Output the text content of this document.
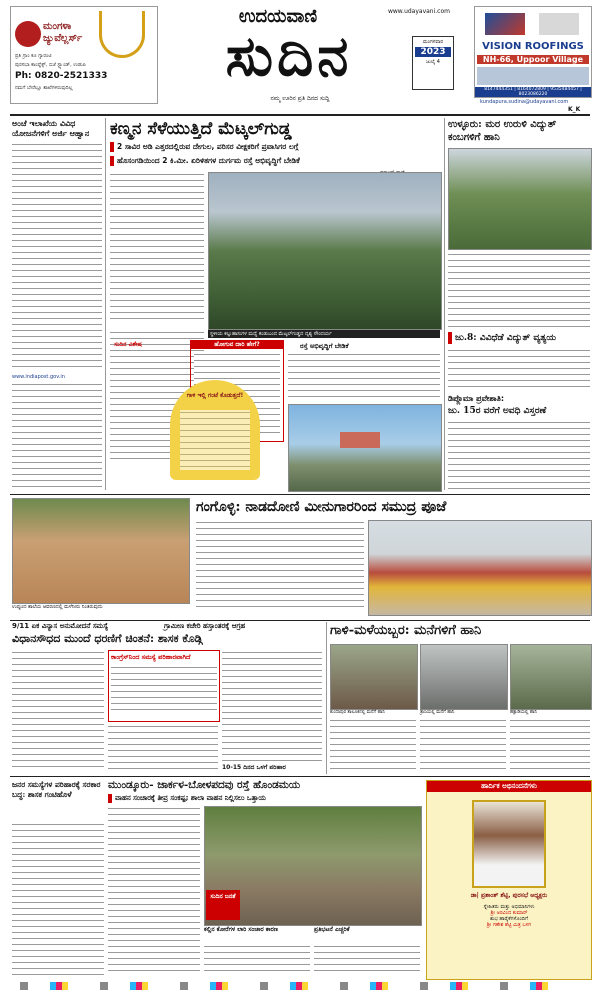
ಮಂಗಳಾ ಜ್ಯುವೆಲ್ಲರ್ಸ್
ಪ್ರತಿ ಗ್ರಾಂ ಕೂ ಗ್ಯಾರಂಟಿ
ಪುರಸಭಾ ಕಾಂಪ್ಲೆಕ್ಸ್, ಬಿಜೆ ಸ್ಟ್ಯಾಂಡ್, ಉಡುಪಿ
Ph: 0820-2521333
ನಮಗೆ ಬೇರೆಲ್ಲೂ ಶಾಖೆಗಳಿರುವುದಿಲ್ಲ
ಉದಯವಾಣಿ	www.udayavani.com
ಸುದಿನ
ನಮ್ಮ ಊರಿನ ಪ್ರತಿ ದಿನದ ಸುದ್ದಿ
ಮಂಗಳವಾರ
2023
ಜುಲೈ 4
VISION ROOFINGS
NH-66, Uppoor Village
8147444351 | 8164072809 | 9535484457 | 8023086220
kundapura.sudina@udayavani.com
K_K
ಅಂಚೆ ಇಲಾಖೆಯ ವಿವಿಧ ಯೋಜನೆಗಳಿಗೆ ಅರ್ಜಿ ಆಹ್ವಾನ
www.indiapost.gov.in
ಕಣ್ಮನ ಸೆಳೆಯುತ್ತಿದೆ ಮೆಟ್ಕಲ್‌ಗುಡ್ಡ
2 ಸಾವಿರ ಅಡಿ ಎತ್ತರದಲ್ಲಿರುವ ದೇಗುಲ, ಪರಿಸರ ವೀಕ್ಷಕರಿಗೆ ಪ್ರವಾಸಿಗರ ಲಗ್ಗೆ
ಹೊಸಂಗಡಿಯಿಂದ 2 ಕಿ.ಮೀ. ಏರಿಳಿತಗಳ ದುರ್ಗಮ ರಸ್ತೆ ಅಭಿವೃದ್ಧಿಗೆ ಬೇಡಿಕೆ
ಸ್ಥಳೀಯ ಕಲ್ಲುಹಾಸುಗಳ ಮಧ್ಯೆ ಕಂಡುಬಂದ ಮೆಟ್ಕಲ್‌ಗುಡ್ಡದ ದೃಶ್ಯ ಸೌಂದರ್ಯ
ಹೋಗುವ ದಾರಿ ಹೇಗೆ?
ಸುದಿನ ವಿಶೇಷ
ಗಾಳಿ ಇಲ್ಲಿ ಗಂಟೆ ಕೊಡುತ್ತದೆ!
ರಸ್ತೆ ಅಭಿವೃದ್ಧಿಗೆ ಬೇಡಿಕೆ
ಉಳ್ಳೂರು: ಮರ ಉರುಳಿ ವಿದ್ಯುತ್ ಕಂಬಗಳಿಗೆ ಹಾನಿ
ಜು.8: ವಿವಿಧೆಡೆ ವಿದ್ಯುತ್ ವ್ಯತ್ಯಯ
ಡಿಪ್ಲೊಮಾ ಪ್ರವೇಶಾತಿ:
ಜು. 15ರ ವರೆಗೆ ಅವಧಿ ವಿಸ್ತರಣೆ
ಉಪ್ಪುಂದ ಶಾಲೆಯ ಆವರಣದಲ್ಲಿ ಮಳೆನೀರು ನಿಂತಿರುವುದು
ಗಂಗೊಳ್ಳಿ: ನಾಡದೋಣಿ ಮೀನುಗಾರರಿಂದ ಸಮುದ್ರ ಪೂಜೆ
9/11 ಏಕ ವಿನ್ಯಾಸ ಅನುಮೋದನೆ ಸಮಸ್ಯೆ	ಗ್ರಾಮೀಣ ಕಚೇರಿ ಹಸ್ತಾಂತರಕ್ಕೆ ಆಗ್ರಹ
ವಿಧಾನಸೌಧದ ಮುಂದೆ ಧರಣಿಗೆ ಚಿಂತನೆ: ಶಾಸಕ ಕೊಡ್ಗಿ
ಕಾಂಗ್ರೆಸ್‌ನಿಂದ ಸಮಸ್ಯೆ ಪರಿಹಾರವಾಗಿದೆ
10-15 ದಿನದ ಒಳಗೆ ಪರಿಹಾರ
ಗಾಳಿ-ಮಳೆಯಬ್ಬರ: ಮನೆಗಳಿಗೆ ಹಾನಿ
ಕುಂದಾಪುರ ತಾಲೂಕಿನಲ್ಲಿ ಮನೆಗೆ ಹಾನಿ	ತ್ರಾಸಿಯಲ್ಲಿ ಮನೆಗೆ ಹಾನಿ	ಹಕ್ಲಾಡಿಯಲ್ಲಿ ಹಾನಿ
ಜನರ ಸಮಸ್ಯೆಗಳ ಪರಿಹಾರಕ್ಕೆ ಸರಕಾರ ಬದ್ಧ: ಶಾಸಕ ಗಂಟಿಹೊಳೆ
ಮುಂಡ್ಕೂರು- ಜಾರ್ಕಳ-ಬೋಳಪದವು ರಸ್ತೆ ಹೊಂಡಮಯ
ವಾಹನ ಸಂಚಾರಕ್ಕೆ ತೀವ್ರ ಸಂಕಷ್ಟ; ಶಾಲಾ ವಾಹನ ನಿಲ್ಲಿಸಲು ಒತ್ತಾಯ
ಸುದಿನ ಜನತೆ
ಕಲ್ಲಿನ ಕೋರೆಗಳ ಲಾರಿ ಸಂಚಾರ ಕಾರಣ	ಪ್ರತಿಭಟನೆ ಎಚ್ಚರಿಕೆ
ಹಾರ್ದಿಕ ಅಭಿನಂದನೆಗಳು
ಡಾ| ಪ್ರಶಾಂತ್ ಶೆಟ್ಟಿ, ಪುರಸಭೆ ಅಧ್ಯಕ್ಷರು
ಸ್ನೇಹಿತರು ಮತ್ತು ಅಭಿಮಾನಿಗಳು
ಶ್ರೀ ಅರವಿಂದ ಕುಮಾರ್
ಶುಭ ಹಾರೈಕೆಗಳೊಂದಿಗೆ
ಶ್ರೀ ಗಣೇಶ ಶೆಟ್ಟಿ ಮಿತ್ರ ಬಳಗ
